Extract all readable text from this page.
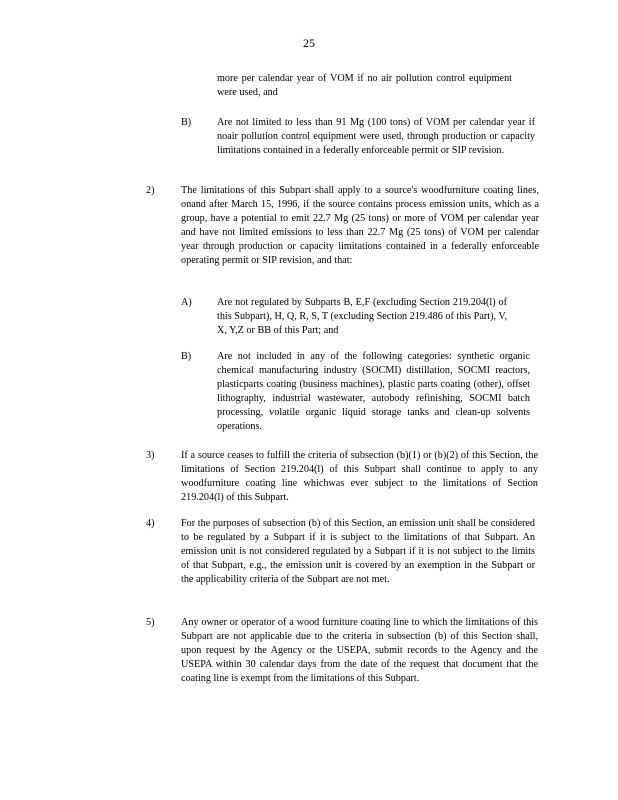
25

more per calendar year of VOM if no air pollution control equipment were used, and

B)	Are not limited to less than 91 Mg (100 tons) of VOM per calendar year if noair pollution control equipment were used, through production or capacity limitations contained in a federally enforceable permit or SIP revision.

2)	The limitations of this Subpart shall apply to a source's woodfurniture coating lines, onand after March 15, 1996, if the source contains process emission units, which as a group, have a potential to emit 22.7 Mg (25 tons) or more of VOM per calendar year and have not limited emissions to less than 22.7 Mg (25 tons) of VOM per calendar year through production or capacity limitations contained in a federally enforceable operating permit or SIP revision, and that:

A) Are not regulated by Subparts B, E,F (excluding Section 219.204(l) of this Subpart), H, Q, R, S, T (excluding Section 219.486 of this Part), V, X, Y,Z or BB of this Part; and

B)	Are not included in any of the following categories: synthetic organic chemical manufacturing industry (SOCMI) distillation, SOCMI reactors, plasticparts coating (business machines), plastic parts coating (other), offset lithography, industrial wastewater, autobody refinishing, SOCMI batch processing, volatile organic liquid storage tanks and clean-up solvents operations.

3)	If a source ceases to fulfill the criteria of subsection (b)(1) or (b)(2) of this Section, the limitations of Section 219.204(l) of this Subpart shall continue to apply to any woodfurniture coating line whichwas ever subject to the limitations of Section 219.204(l) of this Subpart.

4)	For the purposes of subsection (b) of this Section, an emission unit shall be considered to be regulated by a Subpart if it is subject to the limitations of that Subpart. An emission unit is not considered regulated by a Subpart if it is not subject to the limits of that Subpart, e.g., the emission unit is covered by an exemption in the Subpart or the applicability criteria of the Subpart are not met.

5)	Any owner or operator of a wood furniture coating line to which the limitations of this Subpart are not applicable due to the criteria in subsection (b) of this Section shall, upon request by the Agency or the USEPA, submit records to the Agency and the USEPA within 30 calendar days from the date of the request that document that the coating line is exempt from the limitations of this Subpart.
